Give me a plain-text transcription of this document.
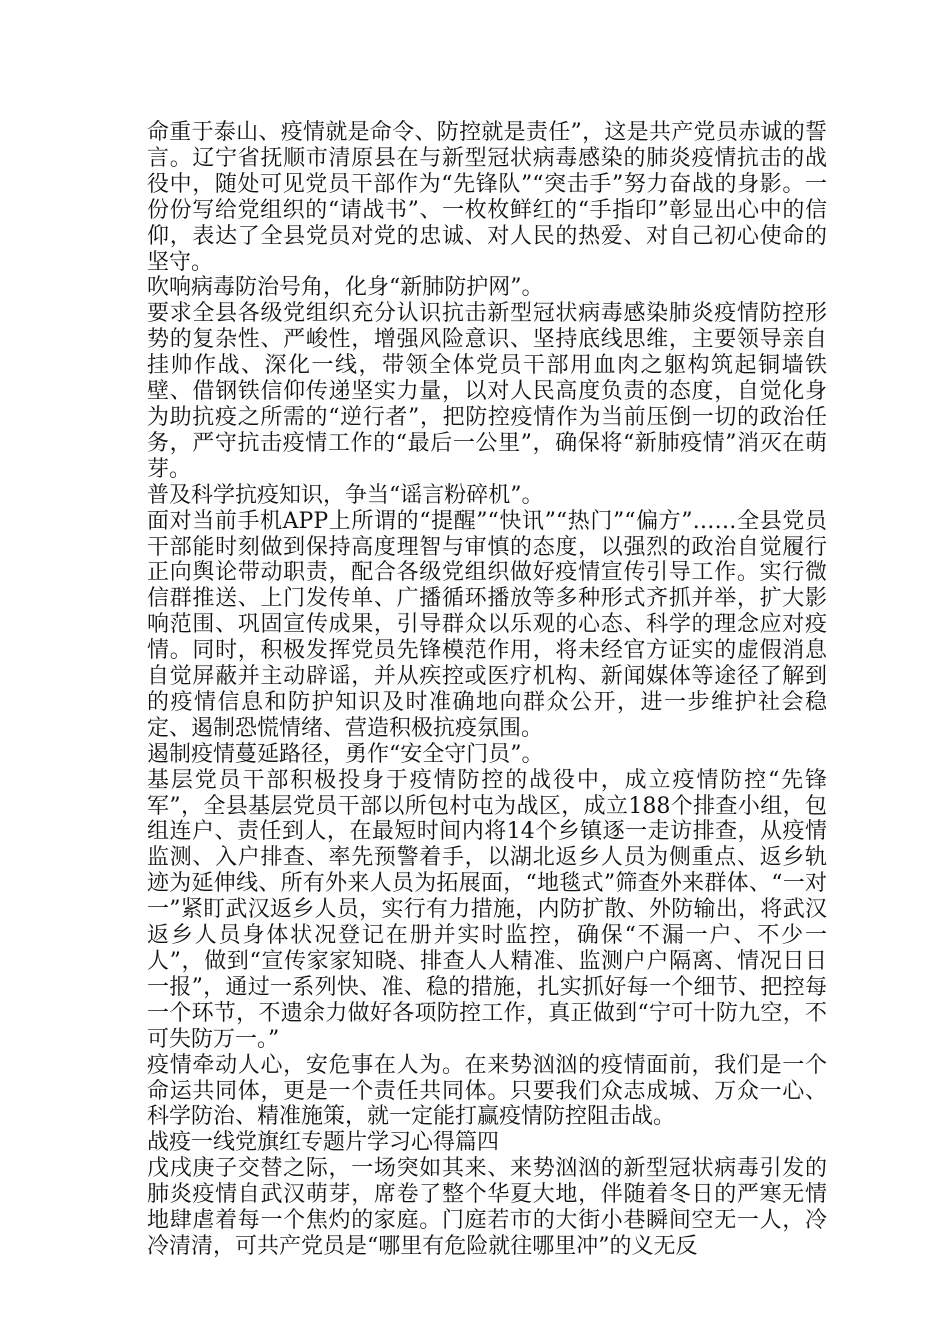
命重于泰山、疫情就是命令、防控就是责任”，这是共产党员赤诚的誓言。辽宁省抚顺市清原县在与新型冠状病毒感染的肺炎疫情抗击的战役中，随处可见党员干部作为“先锋队”“突击手”努力奋战的身影。一份份写给党组织的“请战书”、一枚枚鲜红的“手指印”彰显出心中的信仰，表达了全县党员对党的忠诚、对人民的热爱、对自己初心使命的坚守。

吹响病毒防治号角，化身“新肺防护网”。

要求全县各级党组织充分认识抗击新型冠状病毒感染肺炎疫情防控形势的复杂性、严峻性，增强风险意识、坚持底线思维，主要领导亲自挂帅作战、深化一线，带领全体党员干部用血肉之躯构筑起铜墙铁壁、借钢铁信仰传递坚实力量，以对人民高度负责的态度，自觉化身为助抗疫之所需的“逆行者”，把防控疫情作为当前压倒一切的政治任务，严守抗击疫情工作的“最后一公里”，确保将“新肺疫情”消灭在萌芽。

普及科学抗疫知识，争当“谣言粉碎机”。

面对当前手机APP上所谓的“提醒”“快讯”“热门”“偏方”……全县党员干部能时刻做到保持高度理智与审慎的态度，以强烈的政治自觉履行正向舆论带动职责，配合各级党组织做好疫情宣传引导工作。实行微信群推送、上门发传单、广播循环播放等多种形式齐抓并举，扩大影响范围、巩固宣传成果，引导群众以乐观的心态、科学的理念应对疫情。同时，积极发挥党员先锋模范作用，将未经官方证实的虚假消息自觉屏蔽并主动辟谣，并从疾控或医疗机构、新闻媒体等途径了解到的疫情信息和防护知识及时准确地向群众公开，进一步维护社会稳定、遏制恐慌情绪、营造积极抗疫氛围。

遏制疫情蔓延路径，勇作“安全守门员”。

基层党员干部积极投身于疫情防控的战役中，成立疫情防控“先锋军”，全县基层党员干部以所包村屯为战区，成立188个排查小组，包组连户、责任到人，在最短时间内将14个乡镇逐一走访排查，从疫情监测、入户排查、率先预警着手，以湖北返乡人员为侧重点、返乡轨迹为延伸线、所有外来人员为拓展面，“地毯式”筛查外来群体、“一对一”紧盯武汉返乡人员，实行有力措施，内防扩散、外防输出，将武汉返乡人员身体状况登记在册并实时监控，确保“不漏一户、不少一人”，做到“宣传家家知晓、排查人人精准、监测户户隔离、情况日日一报”，通过一系列快、准、稳的措施，扎实抓好每一个细节、把控每一个环节，不遗余力做好各项防控工作，真正做到“宁可十防九空，不可失防万一。”

疫情牵动人心，安危事在人为。在来势汹汹的疫情面前，我们是一个命运共同体，更是一个责任共同体。只要我们众志成城、万众一心、科学防治、精准施策，就一定能打赢疫情防控阻击战。

战疫一线党旗红专题片学习心得篇四

戊戌庚子交替之际，一场突如其来、来势汹汹的新型冠状病毒引发的肺炎疫情自武汉萌芽，席卷了整个华夏大地，伴随着冬日的严寒无情地肆虐着每一个焦灼的家庭。门庭若市的大街小巷瞬间空无一人，冷冷清清，可共产党员是“哪里有危险就往哪里冲”的义无反
